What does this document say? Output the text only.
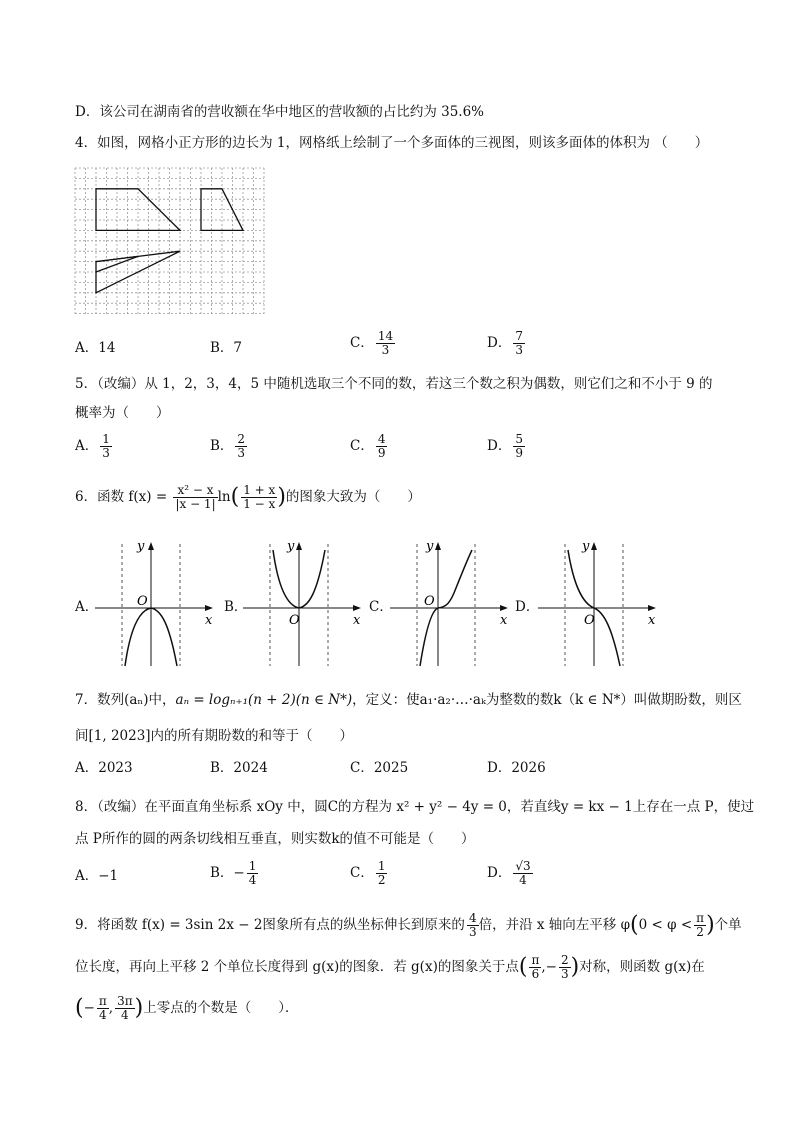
D．该公司在湖南省的营收额在华中地区的营收额的占比约为 35.6%
4．如图，网格小正方形的边长为 1，网格纸上绘制了一个多面体的三视图，则该多面体的体积为 （　　）
A．14	B．7	C． $\frac{14}{3}$	D． $\frac{7}{3}$
5．（改编）从 1，2，3，4，5 中随机选取三个不同的数，若这三个数之积为偶数，则它们之和不小于 9 的
概率为（　　）
A． $\frac{1}{3}$	B． $\frac{2}{3}$	C． $\frac{4}{9}$	D． $\frac{5}{9}$
6．函数 $f(x) = \frac{\text{x² − x}}{|x - 1|} \ln( \frac{1 + x}{1 - x}$ )的图象大致为（　　）
A．	B．	C．	D．
y
O
x
y
O	x
y
O
x
y
O	x
7．数列(aₙ)中，aₙ = logₙ₊₁(n + 2)(n ∈ N*)，定义：使a₁·a₂·…·aₖ为整数的数k（k ∈ N*）叫做期盼数，则区
间[1, 2023]内的所有期盼数的和等于（　　）
A．2023	B．2024	C．2025	D．2026
8．（改编）在平面直角坐标系 xOy 中，圆C的方程为 x² + y² − 4y = 0，若直线y = kx − 1上存在一点 P，使过
点 P所作的圆的两条切线相互垂直，则实数k的值不可能是（　　）
A．−1	B．− $\frac{1}{4}$	C． $\frac{1}{2}$	D． $\frac{√3}{4}$
9．将函数 f(x) = 3sin 2x − 2图象所有点的纵坐标伸长到原来的 $\frac{4}{3}$ 倍，并沿 x 轴向左平移 $\varphi(0 < \varphi < \frac{\pi}{2}$ )个单
位长度，再向上平移 2 个单位长度得到 g(x)的图象．若 g(x)的图象关于点( $\frac{\pi}{6}$ ,− $\frac{2}{3}$ )对称，则函数 g(x)在
(− $\frac{\pi}{4}$ , $\frac{3\pi}{4}$ )上零点的个数是（　　）．
